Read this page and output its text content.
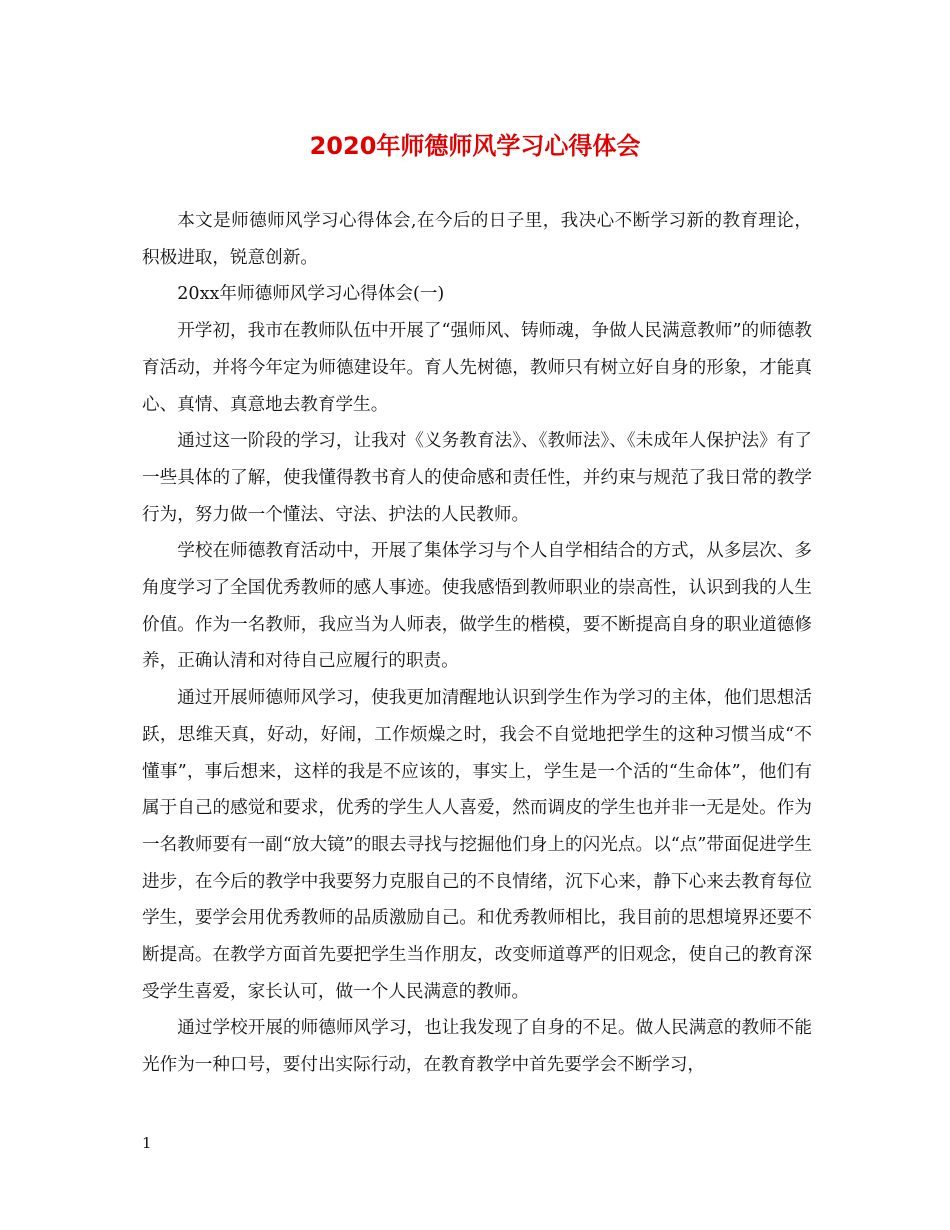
2020年师德师风学习心得体会

本文是师德师风学习心得体会,在今后的日子里，我决心不断学习新的教育理论，积极进取，锐意创新。

20xx年师德师风学习心得体会(一)

开学初，我市在教师队伍中开展了“强师风、铸师魂，争做人民满意教师”的师德教育活动，并将今年定为师德建设年。育人先树德，教师只有树立好自身的形象，才能真心、真情、真意地去教育学生。

通过这一阶段的学习，让我对《义务教育法》、《教师法》、《未成年人保护法》有了一些具体的了解，使我懂得教书育人的使命感和责任性，并约束与规范了我日常的教学行为，努力做一个懂法、守法、护法的人民教师。

学校在师德教育活动中，开展了集体学习与个人自学相结合的方式，从多层次、多角度学习了全国优秀教师的感人事迹。使我感悟到教师职业的崇高性，认识到我的人生价值。作为一名教师，我应当为人师表，做学生的楷模，要不断提高自身的职业道德修养，正确认清和对待自己应履行的职责。

通过开展师德师风学习，使我更加清醒地认识到学生作为学习的主体，他们思想活跃，思维天真，好动，好闹，工作烦燥之时，我会不自觉地把学生的这种习惯当成“不懂事”，事后想来，这样的我是不应该的，事实上，学生是一个活的“生命体”，他们有属于自己的感觉和要求，优秀的学生人人喜爱，然而调皮的学生也并非一无是处。作为一名教师要有一副“放大镜”的眼去寻找与挖掘他们身上的闪光点。以“点”带面促进学生进步，在今后的教学中我要努力克服自己的不良情绪，沉下心来，静下心来去教育每位学生，要学会用优秀教师的品质激励自己。和优秀教师相比，我目前的思想境界还要不断提高。在教学方面首先要把学生当作朋友，改变师道尊严的旧观念，使自己的教育深受学生喜爱，家长认可，做一个人民满意的教师。

通过学校开展的师德师风学习，也让我发现了自身的不足。做人民满意的教师不能光作为一种口号，要付出实际行动，在教育教学中首先要学会不断学习，

1
